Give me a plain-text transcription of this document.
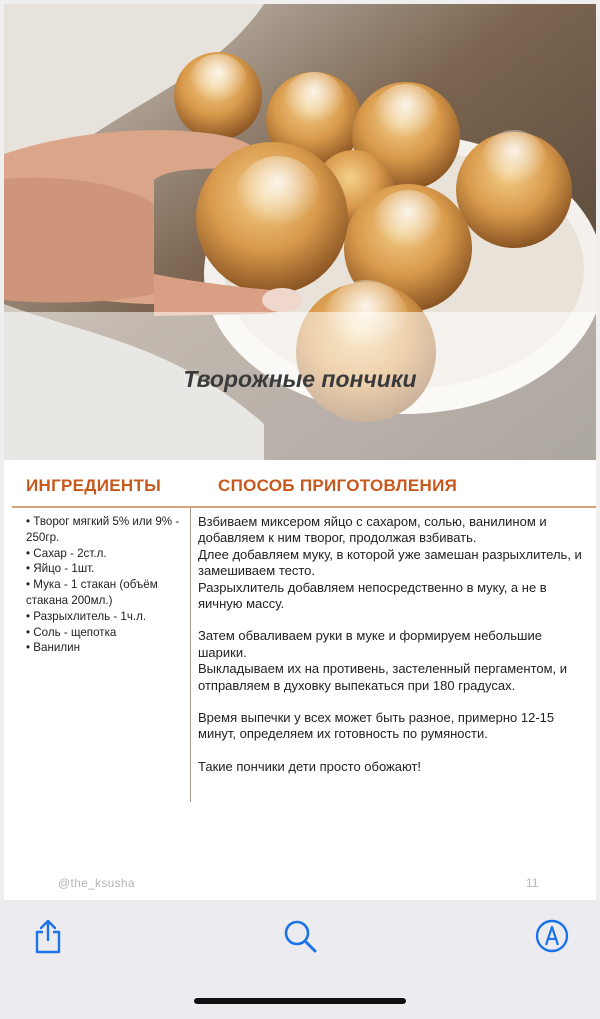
Творожные пончики
ИНГРЕДИЕНТЫ	СПОСОБ ПРИГОТОВЛЕНИЯ
• Творог мягкий 5% или 9% - 250гр.
• Сахар - 2ст.л.
• Яйцо - 1шт.
• Мука - 1 стакан (объём стакана 200мл.)
• Разрыхлитель - 1ч.л.
• Соль - щепотка
• Ванилин

Взбиваем миксером яйцо с сахаром, солью, ванилином и добавляем к ним творог, продолжая взбивать.
Длее добавляем муку, в которой уже замешан разрыхлитель, и замешиваем тесто.
Разрыхлитель добавляем непосредственно в муку, а не в яичную массу.

Затем обваливаем руки в муке и формируем небольшие шарики.
Выкладываем их на противень, застеленный пергаментом, и отправляем в духовку выпекаться при 180 градусах.

Время выпечки у всех может быть разное, примерно 12-15 минут, определяем их готовность по румяности.

Такие пончики дети просто обожают!

@the_ksusha	11
